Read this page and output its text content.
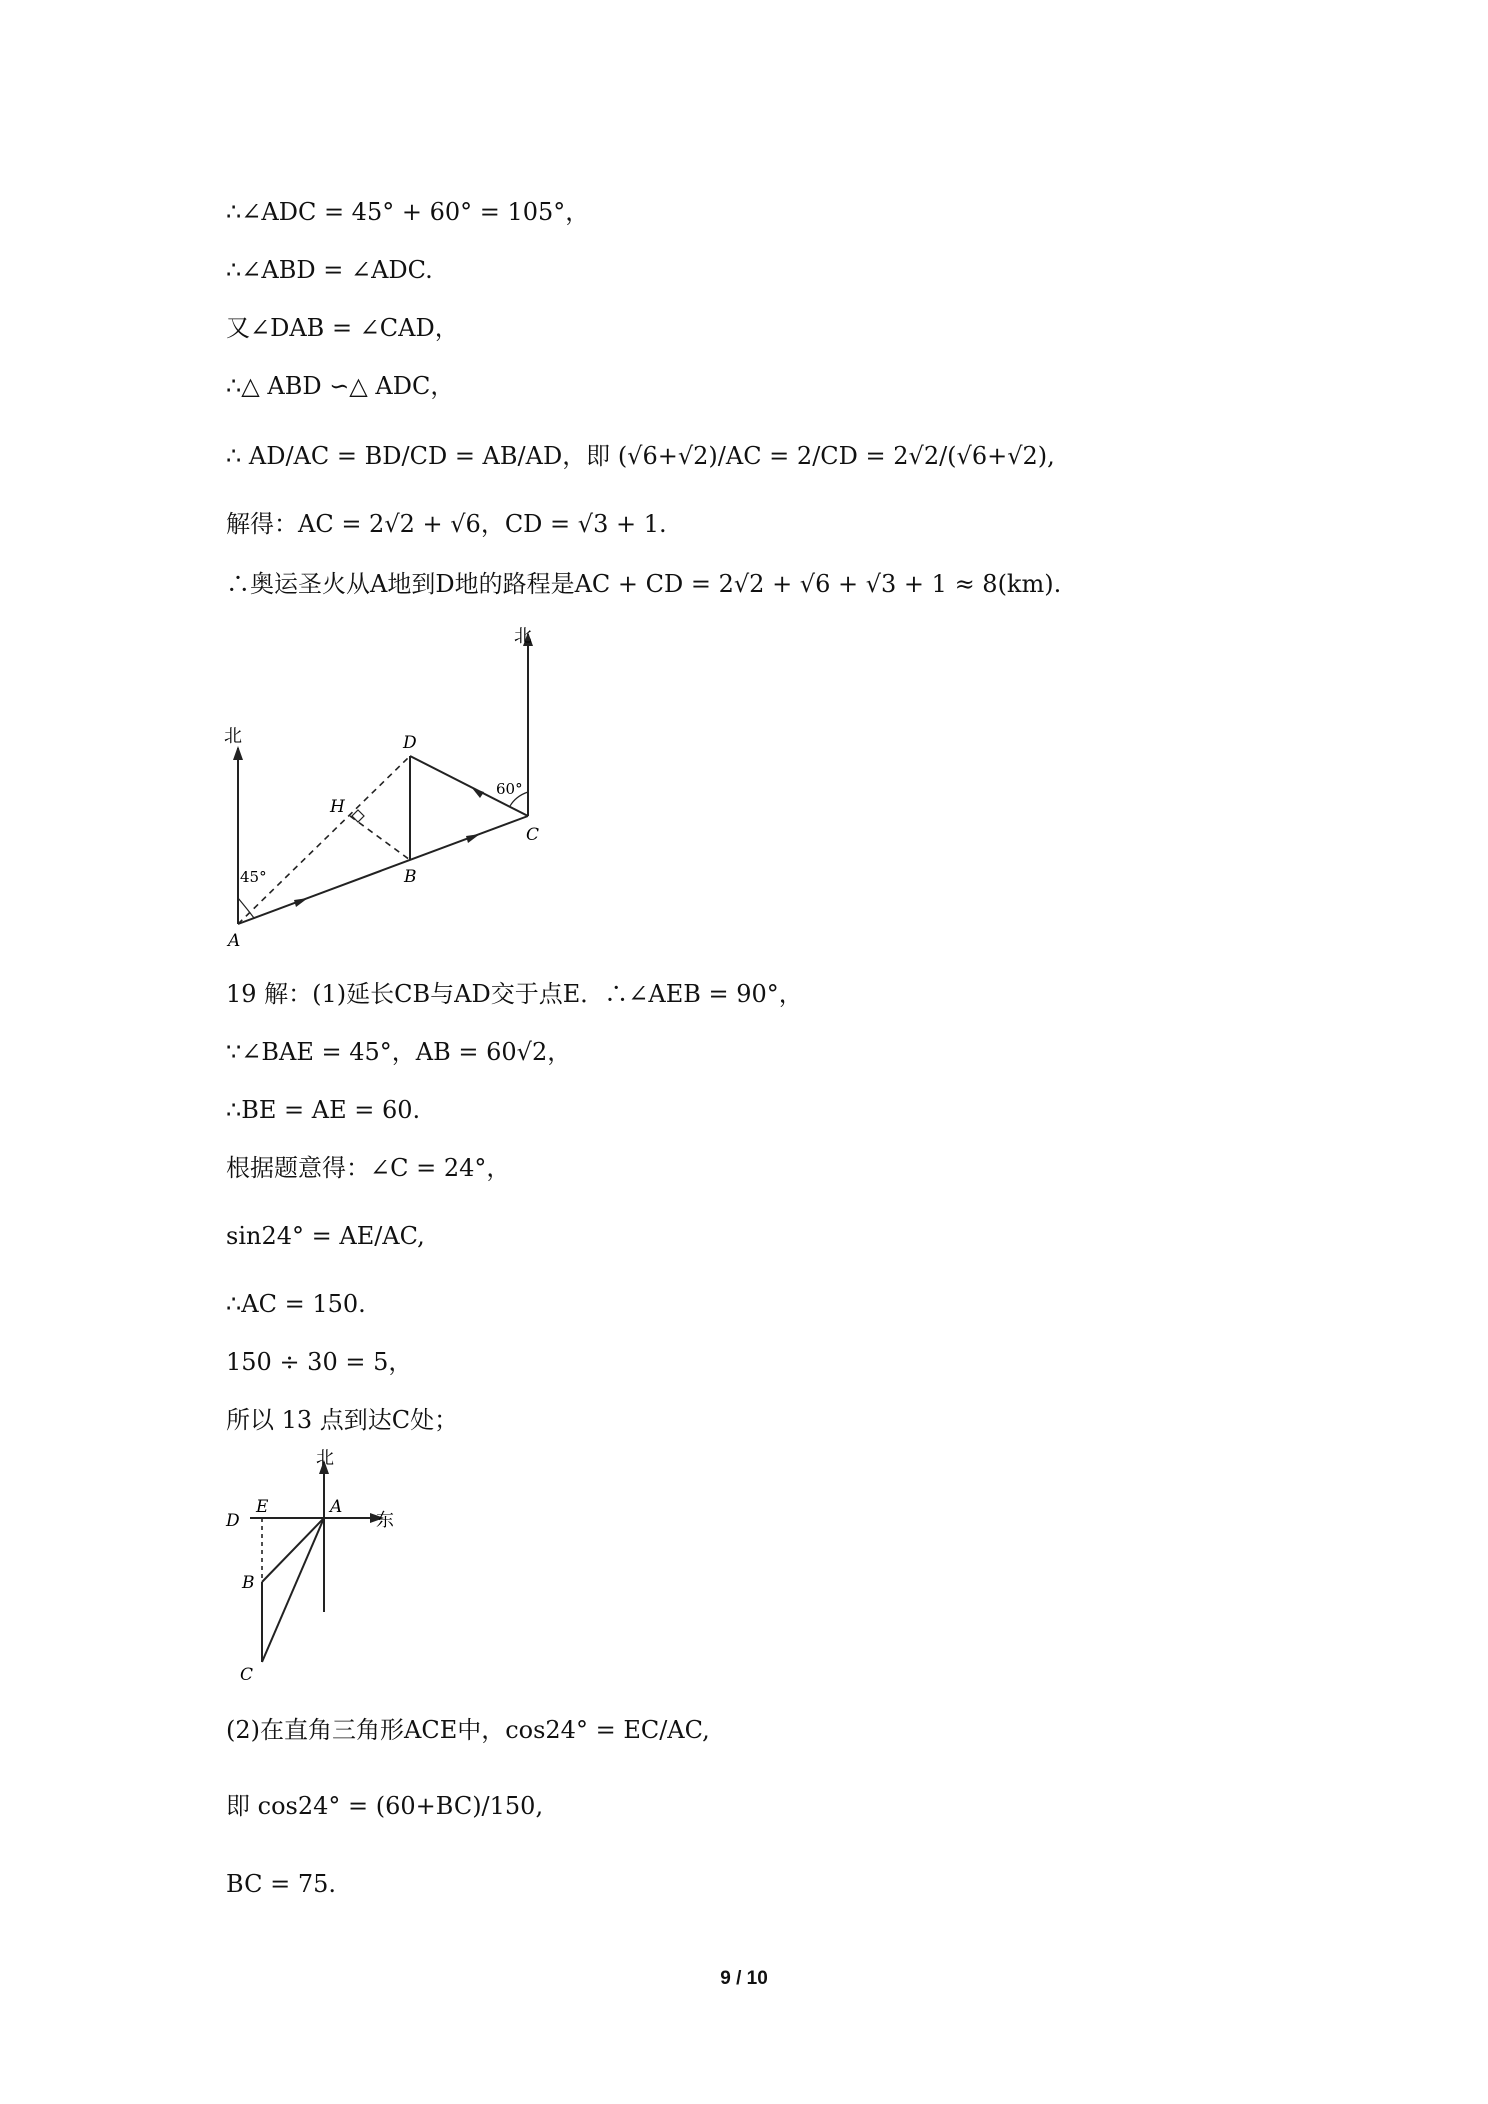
∴∠ADC = 45° + 60° = 105°，
∴∠ABD = ∠ADC.
又∠DAB = ∠CAD，
∴△ ABD ∽△ ADC，
∴ AD/AC = BD/CD = AB/AD，即 (√6+√2)/AC = 2/CD = 2√2/(√6+√2),
解得：AC = 2√2 + √6，CD = √3 + 1.
∴奥运圣火从A地到D地的路程是AC + CD = 2√2 + √6 + √3 + 1 ≈ 8(km).
北
北
45°
60°
D
H
C
B
A
19 解：(1)延长CB与AD交于点E．∴∠AEB = 90°，
∵∠BAE = 45°，AB = 60√2，
∴BE = AE = 60.
根据题意得：∠C = 24°，
sin24° = AE/AC,
∴AC = 150.
150 ÷ 30 = 5，
所以 13 点到达C处；
北
东
D
E	A
B
C
(2)在直角三角形ACE中，cos24° = EC/AC,
即 cos24° = (60+BC)/150,
BC = 75.
9 / 10
